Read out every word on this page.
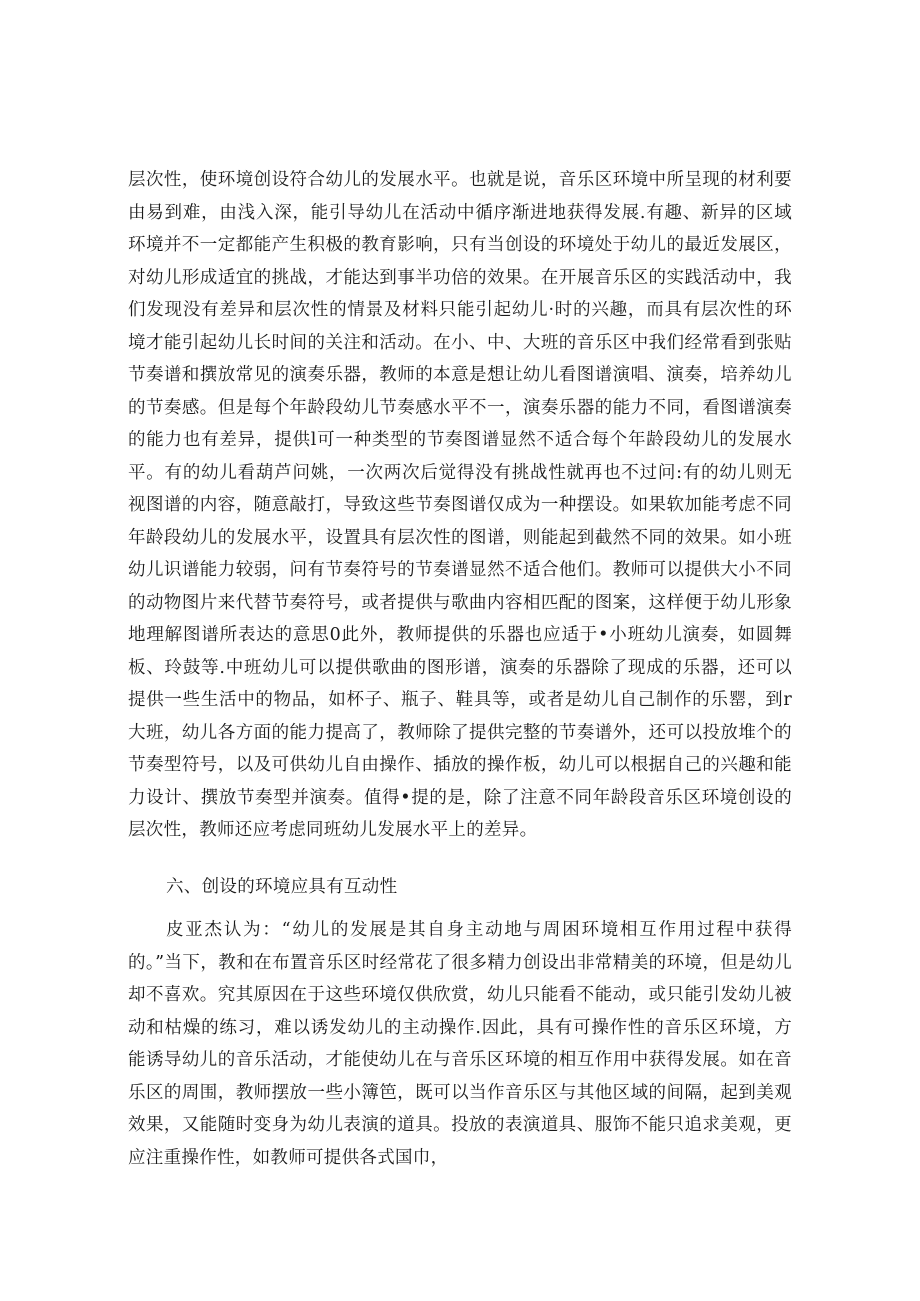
层次性，使环境创设符合幼儿的发展水平。也就是说，音乐区环境中所呈现的材利要由易到难，由浅入深，能引导幼儿在活动中循序渐进地获得发展.有趣、新异的区域环境并不一定都能产生积极的教育影响，只有当创设的环境处于幼儿的最近发展区，对幼儿形成适宜的挑战，才能达到事半功倍的效果。在开展音乐区的实践活动中，我们发现没有差异和层次性的情景及材料只能引起幼儿·时的兴趣，而具有层次性的环境才能引起幼儿长时间的关注和活动。在小、中、大班的音乐区中我们经常看到张贴节奏谱和撰放常见的演奏乐器，教师的本意是想让幼儿看图谱演唱、演奏，培养幼儿的节奏感。但是每个年龄段幼儿节奏感水平不一，演奏乐器的能力不同，看图谱演奏的能力也有差异，提供l可一种类型的节奏图谱显然不适合每个年龄段幼儿的发展水平。有的幼儿看葫芦问姚，一次两次后觉得没有挑战性就再也不过问:有的幼儿则无视图谱的内容，随意敲打，导致这些节奏图谱仅成为一种摆设。如果软加能考虑不同年龄段幼儿的发展水平，设置具有层次性的图谱，则能起到截然不同的效果。如小班幼儿识谱能力较弱，问有节奏符号的节奏谱显然不适合他们。教师可以提供大小不同的动物图片来代替节奏符号，或者提供与歌曲内容相匹配的图案，这样便于幼儿形象地理解图谱所表达的意思0此外，教师提供的乐器也应适于•小班幼儿演奏，如圆舞板、玲鼓等.中班幼儿可以提供歌曲的图形谱，演奏的乐器除了现成的乐器，还可以提供一些生活中的物品，如杯子、瓶子、鞋具等，或者是幼儿自己制作的乐罂，到r大班，幼儿各方面的能力提高了，教师除了提供完整的节奏谱外，还可以投放堆个的节奏型符号，以及可供幼儿自由操作、插放的操作板，幼儿可以根据自己的兴趣和能力设计、撰放节奏型并演奏。值得•提的是，除了注意不同年龄段音乐区环境创设的层次性，教师还应考虑同班幼儿发展水平上的差异。

六、创设的环境应具有互动性

皮亚杰认为：“幼儿的发展是其自身主动地与周困环境相互作用过程中获得的。”当下，教和在布置音乐区时经常花了很多精力创设出非常精美的环境，但是幼儿却不喜欢。究其原因在于这些环境仅供欣赏，幼儿只能看不能动，或只能引发幼儿被动和枯燥的练习，难以诱发幼儿的主动操作.因此，具有可操作性的音乐区环境，方能诱导幼儿的音乐活动，才能使幼儿在与音乐区环境的相互作用中获得发展。如在音乐区的周围，教师摆放一些小簿笆，既可以当作音乐区与其他区域的间隔，起到美观效果，又能随时变身为幼儿表演的道具。投放的表演道具、服饰不能只追求美观，更应注重操作性，如教师可提供各式国巾，
